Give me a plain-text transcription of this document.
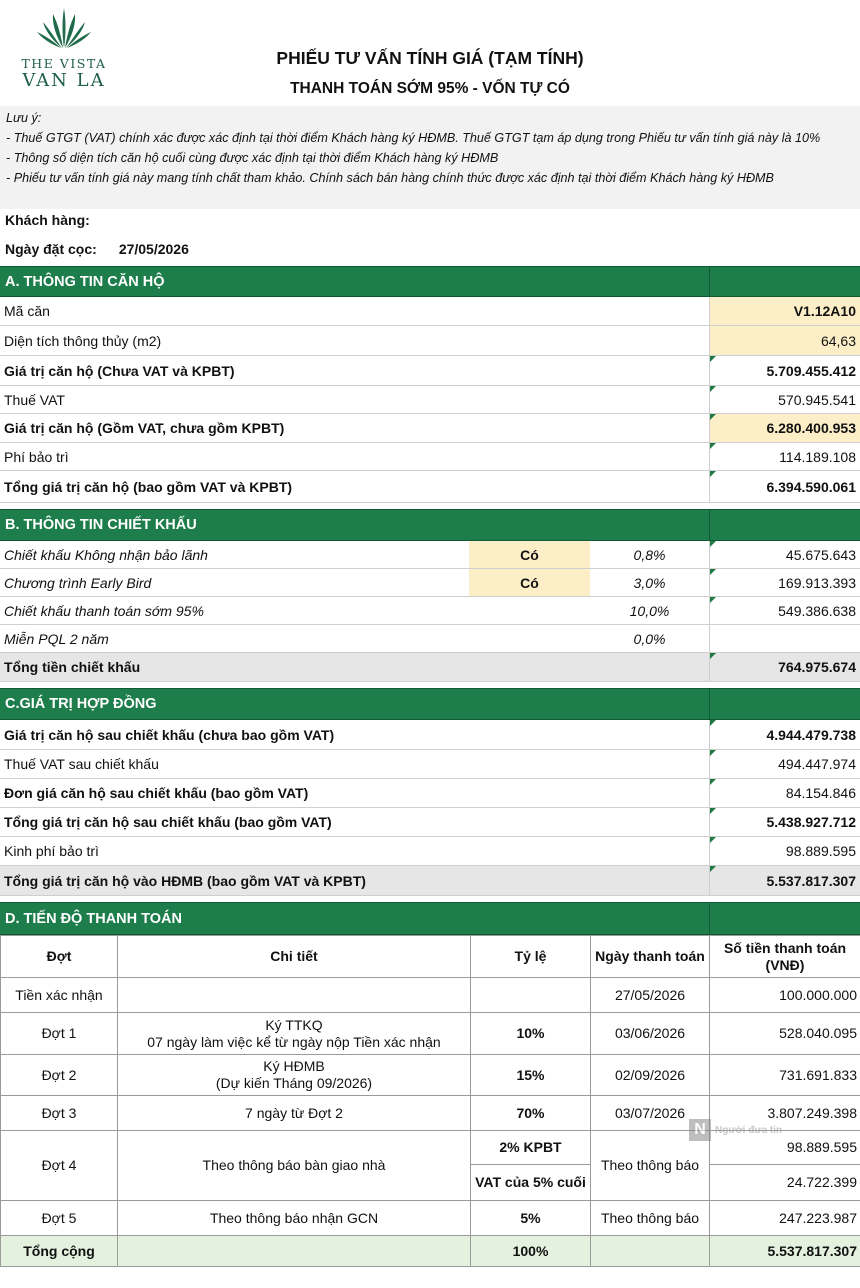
THE VISTA
VAN LA
PHIẾU TƯ VẤN TÍNH GIÁ (TẠM TÍNH)
THANH TOÁN SỚM 95% - VỐN TỰ CÓ
Lưu ý:
- Thuế GTGT (VAT) chính xác được xác định tại thời điểm Khách hàng ký HĐMB. Thuế GTGT tạm áp dụng trong Phiếu tư vấn tính giá này là 10%
- Thông số diện tích căn hộ cuối cùng được xác định tại thời điểm Khách hàng ký HĐMB
- Phiếu tư vấn tính giá này mang tính chất tham khảo. Chính sách bán hàng chính thức được xác định tại thời điểm Khách hàng ký HĐMB
Khách hàng:
Ngày đặt cọc: 27/05/2026
A. THÔNG TIN CĂN HỘ
Mã căn	V1.12A10
Diện tích thông thủy (m2)	64,63
Giá trị căn hộ (Chưa VAT và KPBT)	5.709.455.412
Thuế VAT	570.945.541
Giá trị căn hộ (Gồm VAT, chưa gồm KPBT)	6.280.400.953
Phí bảo trì	114.189.108
Tổng giá trị căn hộ (bao gồm VAT và KPBT)	6.394.590.061
B. THÔNG TIN CHIẾT KHẤU
Chiết khấu Không nhận bảo lãnh	Có	0,8%	45.675.643
Chương trình Early Bird	Có	3,0%	169.913.393
Chiết khấu thanh toán sớm 95%	10,0%	549.386.638
Miễn PQL 2 năm	0,0%
Tổng tiền chiết khấu	764.975.674
C.GIÁ TRỊ HỢP ĐỒNG
Giá trị căn hộ sau chiết khấu (chưa bao gồm VAT)	4.944.479.738
Thuế VAT sau chiết khấu	494.447.974
Đơn giá căn hộ sau chiết khấu (bao gồm VAT)	84.154.846
Tổng giá trị căn hộ sau chiết khấu (bao gồm VAT)	5.438.927.712
Kinh phí bảo trì	98.889.595
Tổng giá trị căn hộ vào HĐMB (bao gồm VAT và KPBT)	5.537.817.307
D. TIẾN ĐỘ THANH TOÁN
Đợt	Chi tiết	Tỷ lệ	Ngày thanh toán	Số tiền thanh toán (VNĐ)
Tiền xác nhận			27/05/2026	100.000.000
Đợt 1	Ký TTKQ
07 ngày làm việc kể từ ngày nộp Tiền xác nhận	10%	03/06/2026	528.040.095
Đợt 2	Ký HĐMB
(Dự kiến Tháng 09/2026)	15%	02/09/2026	731.691.833
Đợt 3	7 ngày từ Đợt 2	70%	03/07/2026	3.807.249.398
Đợt 4	Theo thông báo bàn giao nhà	2% KPBT	Theo thông báo	98.889.595
		VAT của 5% cuối		24.722.399
Đợt 5	Theo thông báo nhận GCN	5%	Theo thông báo	247.223.987
Tổng cộng		100%		5.537.817.307
N Người đưa tin
